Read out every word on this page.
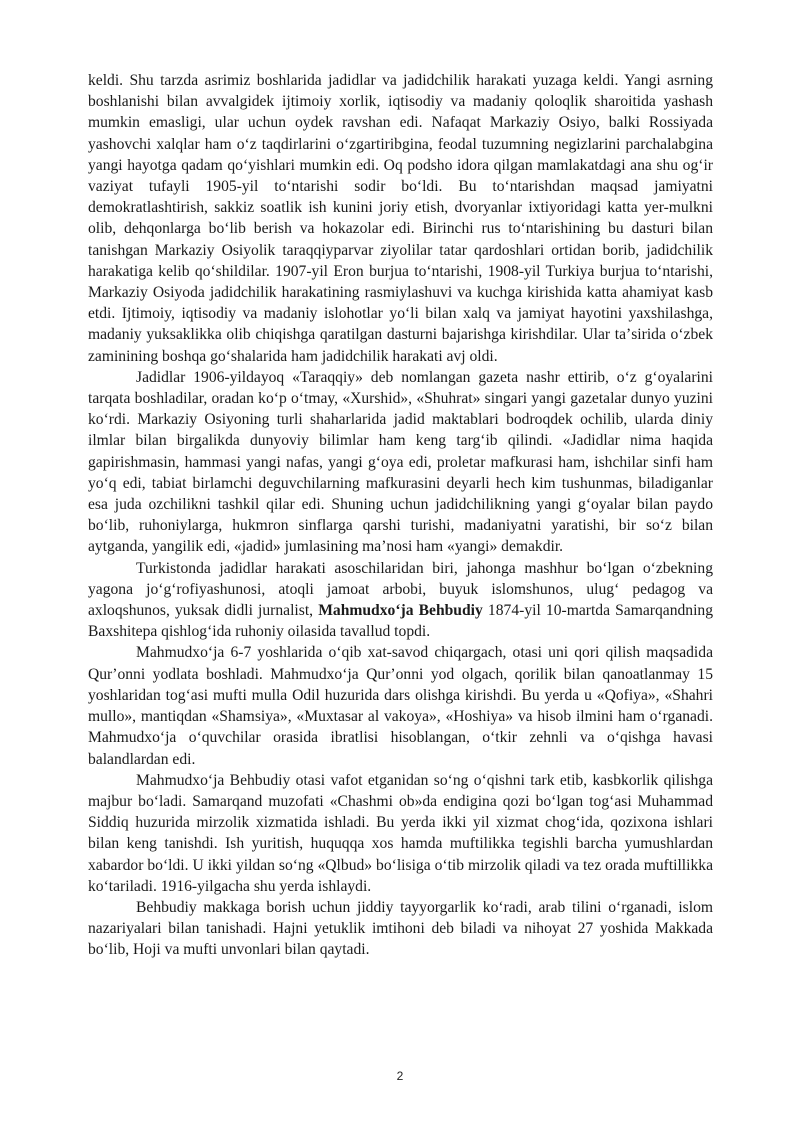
keldi. Shu tarzda asrimiz boshlarida jadidlar va jadidchilik harakati yuzaga keldi. Yangi asrning boshlanishi bilan avvalgidek ijtimoiy xorlik, iqtisodiy va madaniy qoloqlik sharoitida yashash mumkin emasligi, ular uchun oydek ravshan edi. Nafaqat Markaziy Osiyo, balki Rossiyada yashovchi xalqlar ham oʻz taqdirlarini oʻzgartiribgina, feodal tuzumning negizlarini parchalabgina yangi hayotga qadam qoʻyishlari mumkin edi. Oq podsho idora qilgan mamlakatdagi ana shu ogʻir vaziyat tufayli 1905-yil toʻntarishi sodir boʻldi. Bu toʻntarishdan maqsad jamiyatni demokratlashtirish, sakkiz soatlik ish kunini joriy etish, dvoryanlar ixtiyoridagi katta yer-mulkni olib, dehqonlarga boʻlib berish va hokazolar edi. Birinchi rus toʻntarishining bu dasturi bilan tanishgan Markaziy Osiyolik taraqqiyparvar ziyolilar tatar qardoshlari ortidan borib, jadidchilik harakatiga kelib qoʻshildilar. 1907-yil Eron burjua toʻntarishi, 1908-yil Turkiya burjua toʻntarishi, Markaziy Osiyoda jadidchilik harakatining rasmiylashuvi va kuchga kirishida katta ahamiyat kasb etdi. Ijtimoiy, iqtisodiy va madaniy islohotlar yoʻli bilan xalq va jamiyat hayotini yaxshilashga, madaniy yuksaklikka olib chiqishga qaratilgan dasturni bajarishga kirishdilar. Ular taʼsirida oʻzbek zaminining boshqa goʻshalarida ham jadidchilik harakati avj oldi.

Jadidlar 1906-yildayoq «Taraqqiy» deb nomlangan gazeta nashr ettirib, oʻz gʻoyalarini tarqata boshladilar, oradan koʻp oʻtmay, «Xurshid», «Shuhrat» singari yangi gazetalar dunyo yuzini koʻrdi. Markaziy Osiyoning turli shaharlarida jadid maktablari bodroqdek ochilib, ularda diniy ilmlar bilan birgalikda dunyoviy bilimlar ham keng targʻib qilindi. «Jadidlar nima haqida gapirishmasin, hammasi yangi nafas, yangi gʻoya edi, proletar mafkurasi ham, ishchilar sinfi ham yoʻq edi, tabiat birlamchi deguvchilarning mafkurasini deyarli hech kim tushunmas, biladiganlar esa juda ozchilikni tashkil qilar edi. Shuning uchun jadidchilikning yangi gʻoyalar bilan paydo boʻlib, ruhoniylarga, hukmron sinflarga qarshi turishi, madaniyatni yaratishi, bir soʻz bilan aytganda, yangilik edi, «jadid» jumlasining maʼnosi ham «yangi» demakdir.

Turkistonda jadidlar harakati asoschilaridan biri, jahonga mashhur boʻlgan oʻzbekning yagona joʻgʻrofiyashunosi, atoqli jamoat arbobi, buyuk islomshunos, ulugʻ pedagog va axloqshunos, yuksak didli jurnalist, Mahmudxoʻja Behbudiy 1874-yil 10-martda Samarqandning Baxshitepa qishlogʻida ruhoniy oilasida tavallud topdi.

Mahmudxoʻja 6-7 yoshlarida oʻqib xat-savod chiqargach, otasi uni qori qilish maqsadida Qurʼonni yodlata boshladi. Mahmudxoʻja Qurʼonni yod olgach, qorilik bilan qanoatlanmay 15 yoshlaridan togʻasi mufti mulla Odil huzurida dars olishga kirishdi. Bu yerda u «Qofiya», «Shahri mullo», mantiqdan «Shamsiya», «Muxtasar al vakoya», «Hoshiya» va hisob ilmini ham oʻrganadi. Mahmudxoʻja oʻquvchilar orasida ibratlisi hisoblangan, oʻtkir zehnli va oʻqishga havasi balandlardan edi.

Mahmudxoʻja Behbudiy otasi vafot etganidan soʻng oʻqishni tark etib, kasbkorlik qilishga majbur boʻladi. Samarqand muzofati «Chashmi ob»da endigina qozi boʻlgan togʻasi Muhammad Siddiq huzurida mirzolik xizmatida ishladi. Bu yerda ikki yil xizmat chogʻida, qozixona ishlari bilan keng tanishdi. Ish yuritish, huquqqa xos hamda muftilikka tegishli barcha yumushlardan xabardor boʻldi. U ikki yildan soʻng «Qlbud» boʻlisiga oʻtib mirzolik qiladi va tez orada muftillikka koʻtariladi. 1916-yilgacha shu yerda ishlaydi.

Behbudiy makkaga borish uchun jiddiy tayyorgarlik koʻradi, arab tilini oʻrganadi, islom nazariyalari bilan tanishadi. Hajni yetuklik imtihoni deb biladi va nihoyat 27 yoshida Makkada boʻlib, Hoji va mufti unvonlari bilan qaytadi.

2
